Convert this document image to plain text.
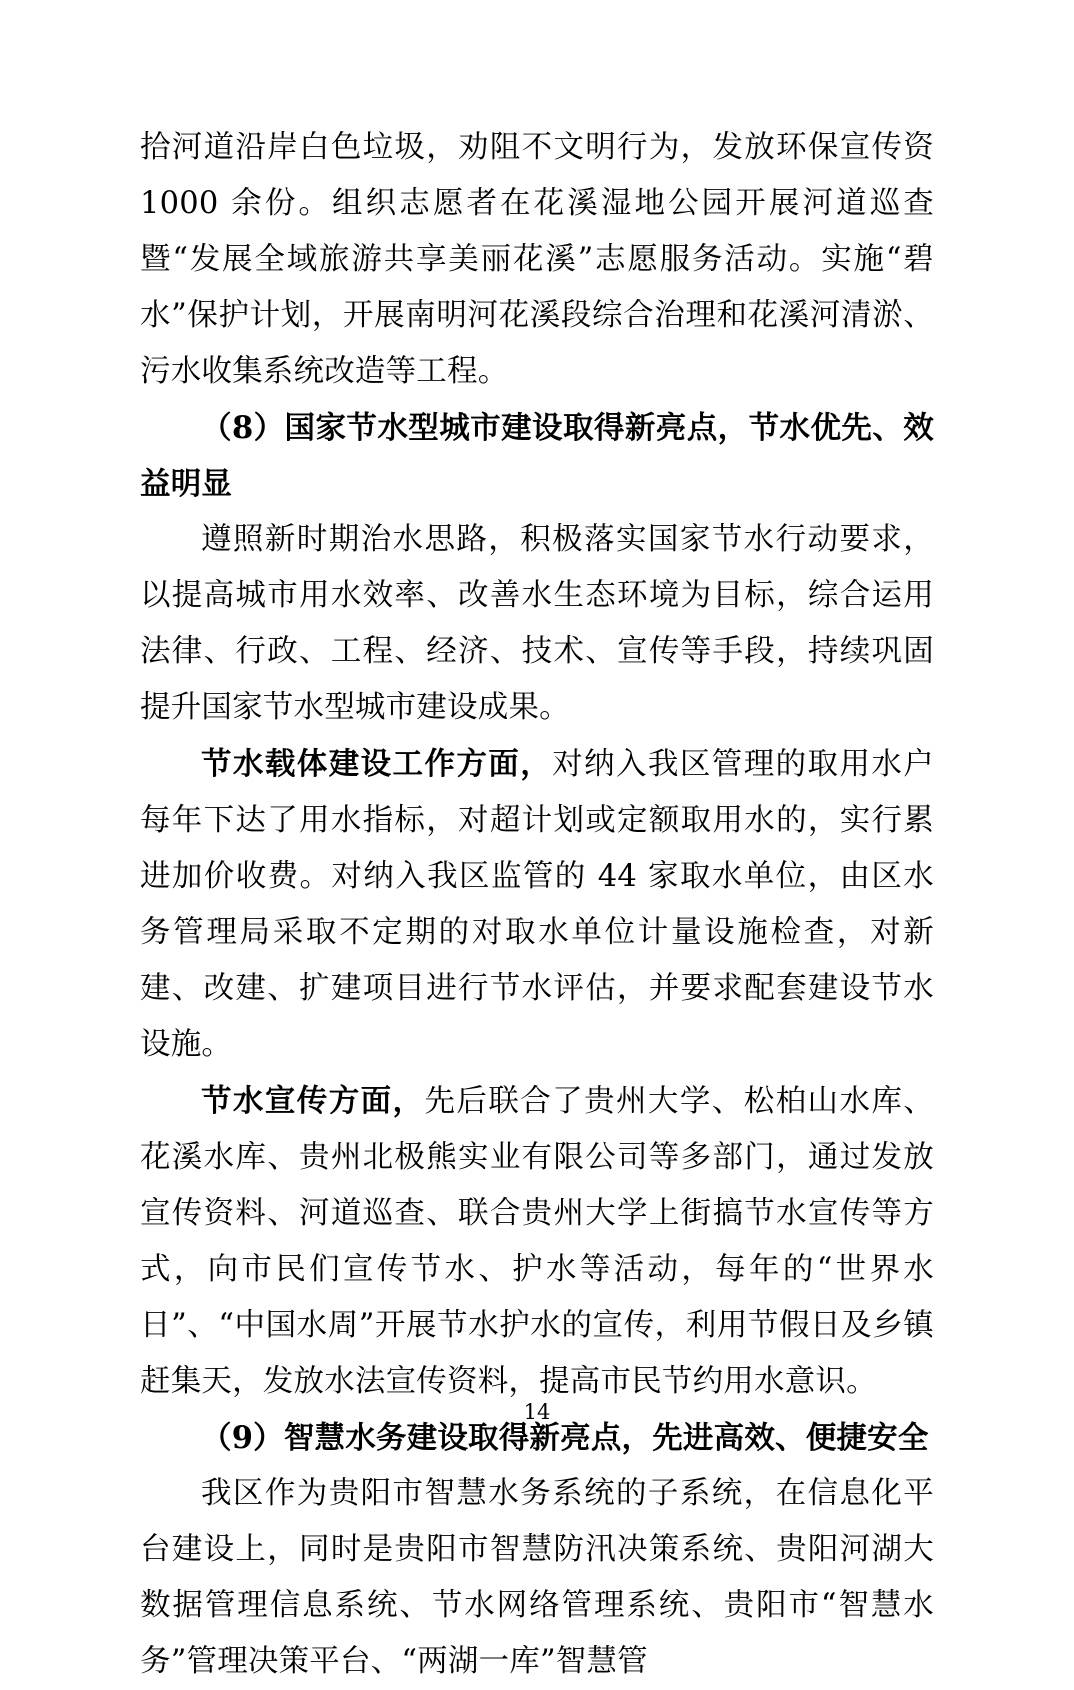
拾河道沿岸白色垃圾，劝阻不文明行为，发放环保宣传资 1000 余份。组织志愿者在花溪湿地公园开展河道巡查暨“发展全域旅游共享美丽花溪”志愿服务活动。实施“碧水”保护计划，开展南明河花溪段综合治理和花溪河清淤、污水收集系统改造等工程。

（8）国家节水型城市建设取得新亮点，节水优先、效益明显

遵照新时期治水思路，积极落实国家节水行动要求，以提高城市用水效率、改善水生态环境为目标，综合运用法律、行政、工程、经济、技术、宣传等手段，持续巩固提升国家节水型城市建设成果。

节水载体建设工作方面，对纳入我区管理的取用水户每年下达了用水指标，对超计划或定额取用水的，实行累进加价收费。对纳入我区监管的 44 家取水单位，由区水务管理局采取不定期的对取水单位计量设施检查，对新建、改建、扩建项目进行节水评估，并要求配套建设节水设施。

节水宣传方面，先后联合了贵州大学、松柏山水库、花溪水库、贵州北极熊实业有限公司等多部门，通过发放宣传资料、河道巡查、联合贵州大学上街搞节水宣传等方式，向市民们宣传节水、护水等活动，每年的“世界水日”、“中国水周”开展节水护水的宣传，利用节假日及乡镇赶集天，发放水法宣传资料，提高市民节约用水意识。

（9）智慧水务建设取得新亮点，先进高效、便捷安全

我区作为贵阳市智慧水务系统的子系统，在信息化平台建设上，同时是贵阳市智慧防汛决策系统、贵阳河湖大数据管理信息系统、节水网络管理系统、贵阳市“智慧水务”管理决策平台、“两湖一库”智慧管

14
